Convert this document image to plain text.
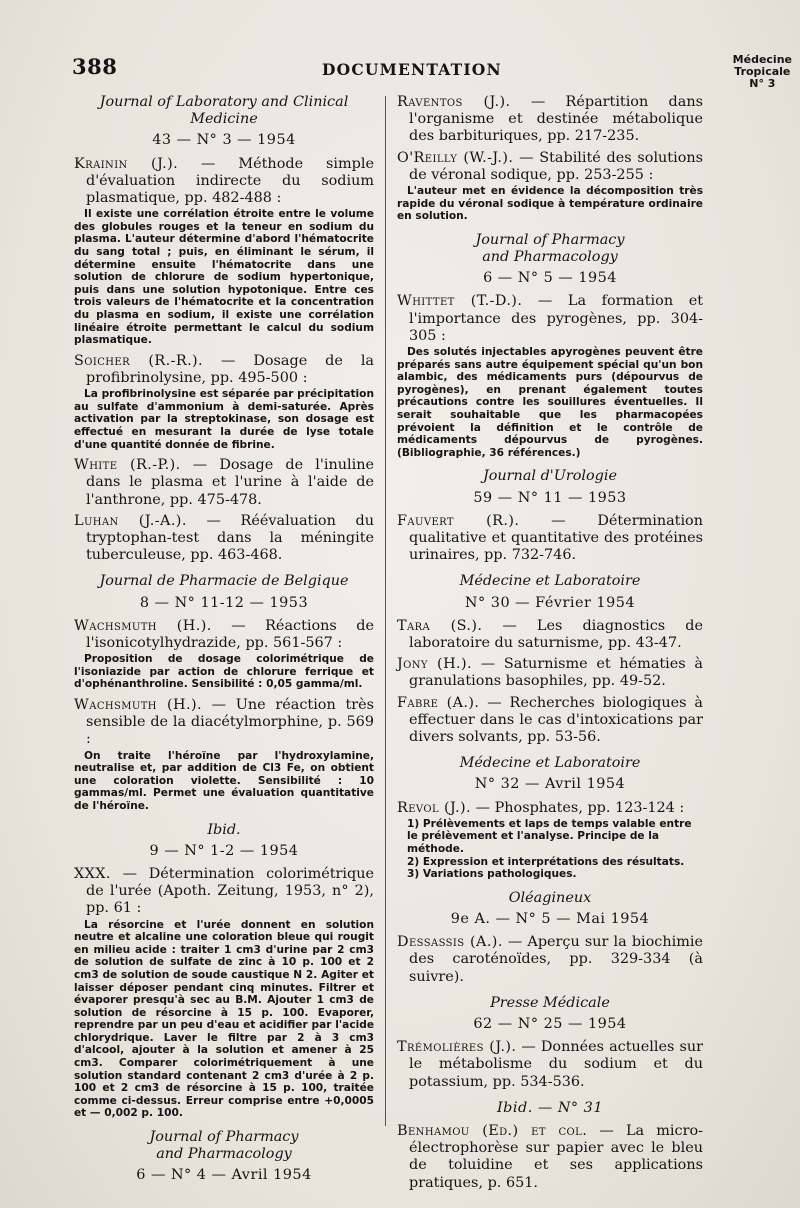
388	DOCUMENTATION
Médecine
Tropicale
N° 3
Journal of Laboratory and Clinical
Medicine
43 — N° 3 — 1954

Krainin (J.). — Méthode simple d'évaluation indirecte du sodium plasmatique, pp. 482-488 :

Il existe une corrélation étroite entre le volume des globules rouges et la teneur en sodium du plasma. L'auteur détermine d'abord l'hématocrite du sang total ; puis, en éliminant le sérum, il détermine ensuite l'hématocrite dans une solution de chlorure de sodium hypertonique, puis dans une solution hypotonique. Entre ces trois valeurs de l'hématocrite et la concentration du plasma en sodium, il existe une corrélation linéaire étroite permettant le calcul du sodium plasmatique.

Soicher (R.-R.). — Dosage de la profibrinolysine, pp. 495-500 :

La profibrinolysine est séparée par précipitation au sulfate d'ammonium à demi-saturée. Après activation par la streptokinase, son dosage est effectué en mesurant la durée de lyse totale d'une quantité donnée de fibrine.

White (R.-P.). — Dosage de l'inuline dans le plasma et l'urine à l'aide de l'anthrone, pp. 475-478.

Luhan (J.-A.). — Réévaluation du tryptophan-test dans la méningite tuberculeuse, pp. 463-468.

Journal de Pharmacie de Belgique
8 — N° 11-12 — 1953

Wachsmuth (H.). — Réactions de l'isonicotylhydrazide, pp. 561-567 :

Proposition de dosage colorimétrique de l'isoniazide par action de chlorure ferrique et d'ophénanthroline. Sensibilité : 0,05 gamma/ml.

Wachsmuth (H.). — Une réaction très sensible de la diacétylmorphine, p. 569 :

On traite l'héroïne par l'hydroxylamine, neutralise et, par addition de Cl3 Fe, on obtient une coloration violette. Sensibilité : 10 gammas/ml. Permet une évaluation quantitative de l'héroïne.

Ibid.
9 — N° 1-2 — 1954

XXX. — Détermination colorimétrique de l'urée (Apoth. Zeitung, 1953, n° 2), pp. 61 :

La résorcine et l'urée donnent en solution neutre et alcaline une coloration bleue qui rougit en milieu acide : traiter 1 cm3 d'urine par 2 cm3 de solution de sulfate de zinc à 10 p. 100 et 2 cm3 de solution de soude caustique N 2. Agiter et laisser déposer pendant cinq minutes. Filtrer et évaporer presqu'à sec au B.M. Ajouter 1 cm3 de solution de résorcine à 15 p. 100. Evaporer, reprendre par un peu d'eau et acidifier par l'acide chlorydrique. Laver le filtre par 2 à 3 cm3 d'alcool, ajouter à la solution et amener à 25 cm3. Comparer colorimétriquement à une solution standard contenant 2 cm3 d'urée à 2 p. 100 et 2 cm3 de résorcine à 15 p. 100, traitée comme ci-dessus. Erreur comprise entre +0,0005 et — 0,002 p. 100.

Journal of Pharmacy
and Pharmacology
6 — N° 4 — Avril 1954

Raventos (J.). — Répartition dans l'organisme et destinée métabolique des barbituriques, pp. 217-235.

O'Reilly (W.-J.). — Stabilité des solutions de véronal sodique, pp. 253-255 :

L'auteur met en évidence la décomposition très rapide du véronal sodique à température ordinaire en solution.

Journal of Pharmacy
and Pharmacology
6 — N° 5 — 1954

Whittet (T.-D.). — La formation et l'importance des pyrogènes, pp. 304-305 :

Des solutés injectables apyrogènes peuvent être préparés sans autre équipement spécial qu'un bon alambic, des médicaments purs (dépourvus de pyrogènes), en prenant également toutes précautions contre les souillures éventuelles. Il serait souhaitable que les pharmacopées prévoient la définition et le contrôle de médicaments dépourvus de pyrogènes. (Bibliographie, 36 références.)

Journal d'Urologie
59 — N° 11 — 1953

Fauvert (R.). — Détermination qualitative et quantitative des protéines urinaires, pp. 732-746.

Médecine et Laboratoire
N° 30 — Février 1954

Tara (S.). — Les diagnostics de laboratoire du saturnisme, pp. 43-47.

Jony (H.). — Saturnisme et hématies à granulations basophiles, pp. 49-52.

Fabre (A.). — Recherches biologiques à effectuer dans le cas d'intoxications par divers solvants, pp. 53-56.

Médecine et Laboratoire
N° 32 — Avril 1954

Revol (J.). — Phosphates, pp. 123-124 :

1) Prélèvements et laps de temps valable entre le prélèvement et l'analyse. Principe de la méthode.
2) Expression et interprétations des résultats.
3) Variations pathologiques.
Oléagineux
9e A. — N° 5 — Mai 1954

Dessassis (A.). — Aperçu sur la biochimie des caroténoïdes, pp. 329-334 (à suivre).

Presse Médicale
62 — N° 25 — 1954

Trémolières (J.). — Données actuelles sur le métabolisme du sodium et du potassium, pp. 534-536.

Ibid. — N° 31

Benhamou (Ed.) et col. — La micro-électrophorèse sur papier avec le bleu de toluidine et ses applications pratiques, p. 651.
